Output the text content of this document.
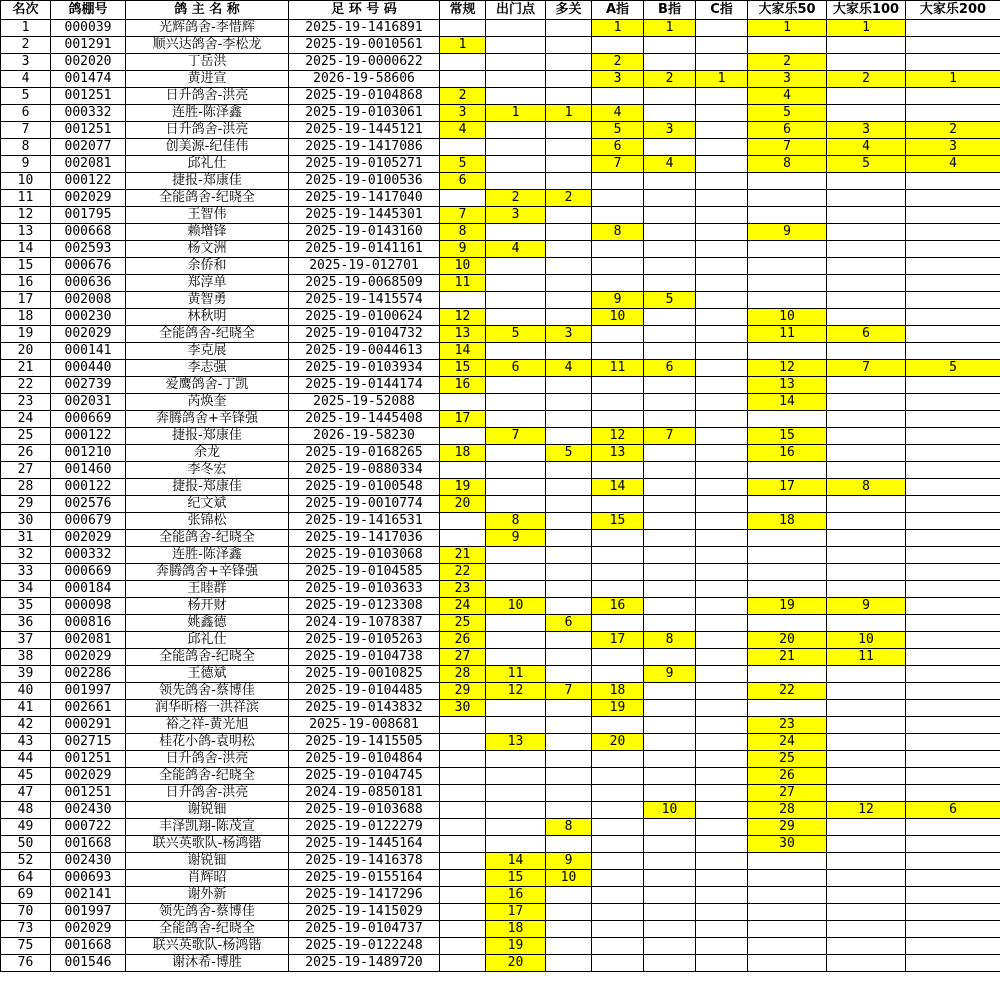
名次	鸽棚号	鸽 主 名 称	足 环 号 码	常规	出门点	多关	A指	B指	C指	大家乐50	大家乐100	大家乐200
1	000039	光辉鸽舍-李惜辉	2025-19-1416891				1	1		1	1	
2	001291	顺兴达鸽舍-李松龙	2025-19-0010561	1								
3	002020	丁岳洪	2025-19-0000622				2			2		
4	001474	黄进宣	2026-19-58606				3	2	1	3	2	1
5	001251	日升鸽舍-洪亮	2025-19-0104868	2						4		
6	000332	连胜-陈泽鑫	2025-19-0103061	3	1	1	4			5		
7	001251	日升鸽舍-洪亮	2025-19-1445121	4			5	3		6	3	2
8	002077	创美源-纪佳伟	2025-19-1417086				6			7	4	3
9	002081	邱礼仕	2025-19-0105271	5			7	4		8	5	4
10	000122	捷报-郑康佳	2025-19-0100536	6								
11	002029	全能鸽舍-纪晓全	2025-19-1417040		2	2						
12	001795	王智伟	2025-19-1445301	7	3							
13	000668	赖增锋	2025-19-0143160	8			8			9		
14	002593	杨文洲	2025-19-0141161	9	4							
15	000676	余侨和	2025-19-012701	10								
16	000636	郑淳单	2025-19-0068509	11								
17	002008	黄智勇	2025-19-1415574				9	5				
18	000230	林秋明	2025-19-0100624	12			10			10		
19	002029	全能鸽舍-纪晓全	2025-19-0104732	13	5	3				11	6	
20	000141	李克展	2025-19-0044613	14								
21	000440	李志强	2025-19-0103934	15	6	4	11	6		12	7	5
22	002739	爱鹰鸽舍-丁凯	2025-19-0144174	16						13		
23	002031	芮焕奎	2025-19-52088							14		
24	000669	奔腾鸽舍+辛锋强	2025-19-1445408	17								
25	000122	捷报-郑康佳	2026-19-58230		7		12	7		15		
26	001210	余龙	2025-19-0168265	18		5	13			16		
27	001460	李冬宏	2025-19-0880334									
28	000122	捷报-郑康佳	2025-19-0100548	19			14			17	8	
29	002576	纪文斌	2025-19-0010774	20								
30	000679	张锦松	2025-19-1416531		8		15			18		
31	002029	全能鸽舍-纪晓全	2025-19-1417036		9							
32	000332	连胜-陈泽鑫	2025-19-0103068	21								
33	000669	奔腾鸽舍+辛锋强	2025-19-0104585	22								
34	000184	王睦群	2025-19-0103633	23								
35	000098	杨开财	2025-19-0123308	24	10		16			19	9	
36	000816	姚鑫德	2024-19-1078387	25		6						
37	002081	邱礼仕	2025-19-0105263	26			17	8		20	10	
38	002029	全能鸽舍-纪晓全	2025-19-0104738	27						21	11	
39	002286	王德斌	2025-19-0010825	28	11			9				
40	001997	领先鸽舍-蔡博佳	2025-19-0104485	29	12	7	18			22		
41	002661	润华昕榕一洪祥滨	2025-19-0143832	30			19					
42	000291	裕之祥-黄光旭	2025-19-008681							23		
43	002715	桂花小鸽-袁明松	2025-19-1415505		13		20			24		
44	001251	日升鸽舍-洪亮	2025-19-0104864							25		
45	002029	全能鸽舍-纪晓全	2025-19-0104745							26		
47	001251	日升鸽舍-洪亮	2024-19-0850181							27		
48	002430	谢锐钿	2025-19-0103688					10		28	12	6
49	000722	丰泽凯翔-陈茂宣	2025-19-0122279			8				29		
50	001668	联兴英歌队-杨鸿锴	2025-19-1445164							30		
52	002430	谢锐钿	2025-19-1416378		14	9						
64	000693	肖辉昭	2025-19-0155164		15	10						
69	002141	谢外新	2025-19-1417296		16							
70	001997	领先鸽舍-蔡博佳	2025-19-1415029		17							
73	002029	全能鸽舍-纪晓全	2025-19-0104737		18							
75	001668	联兴英歌队-杨鸿锴	2025-19-0122248		19							
76	001546	谢沐希-博胜	2025-19-1489720		20							
